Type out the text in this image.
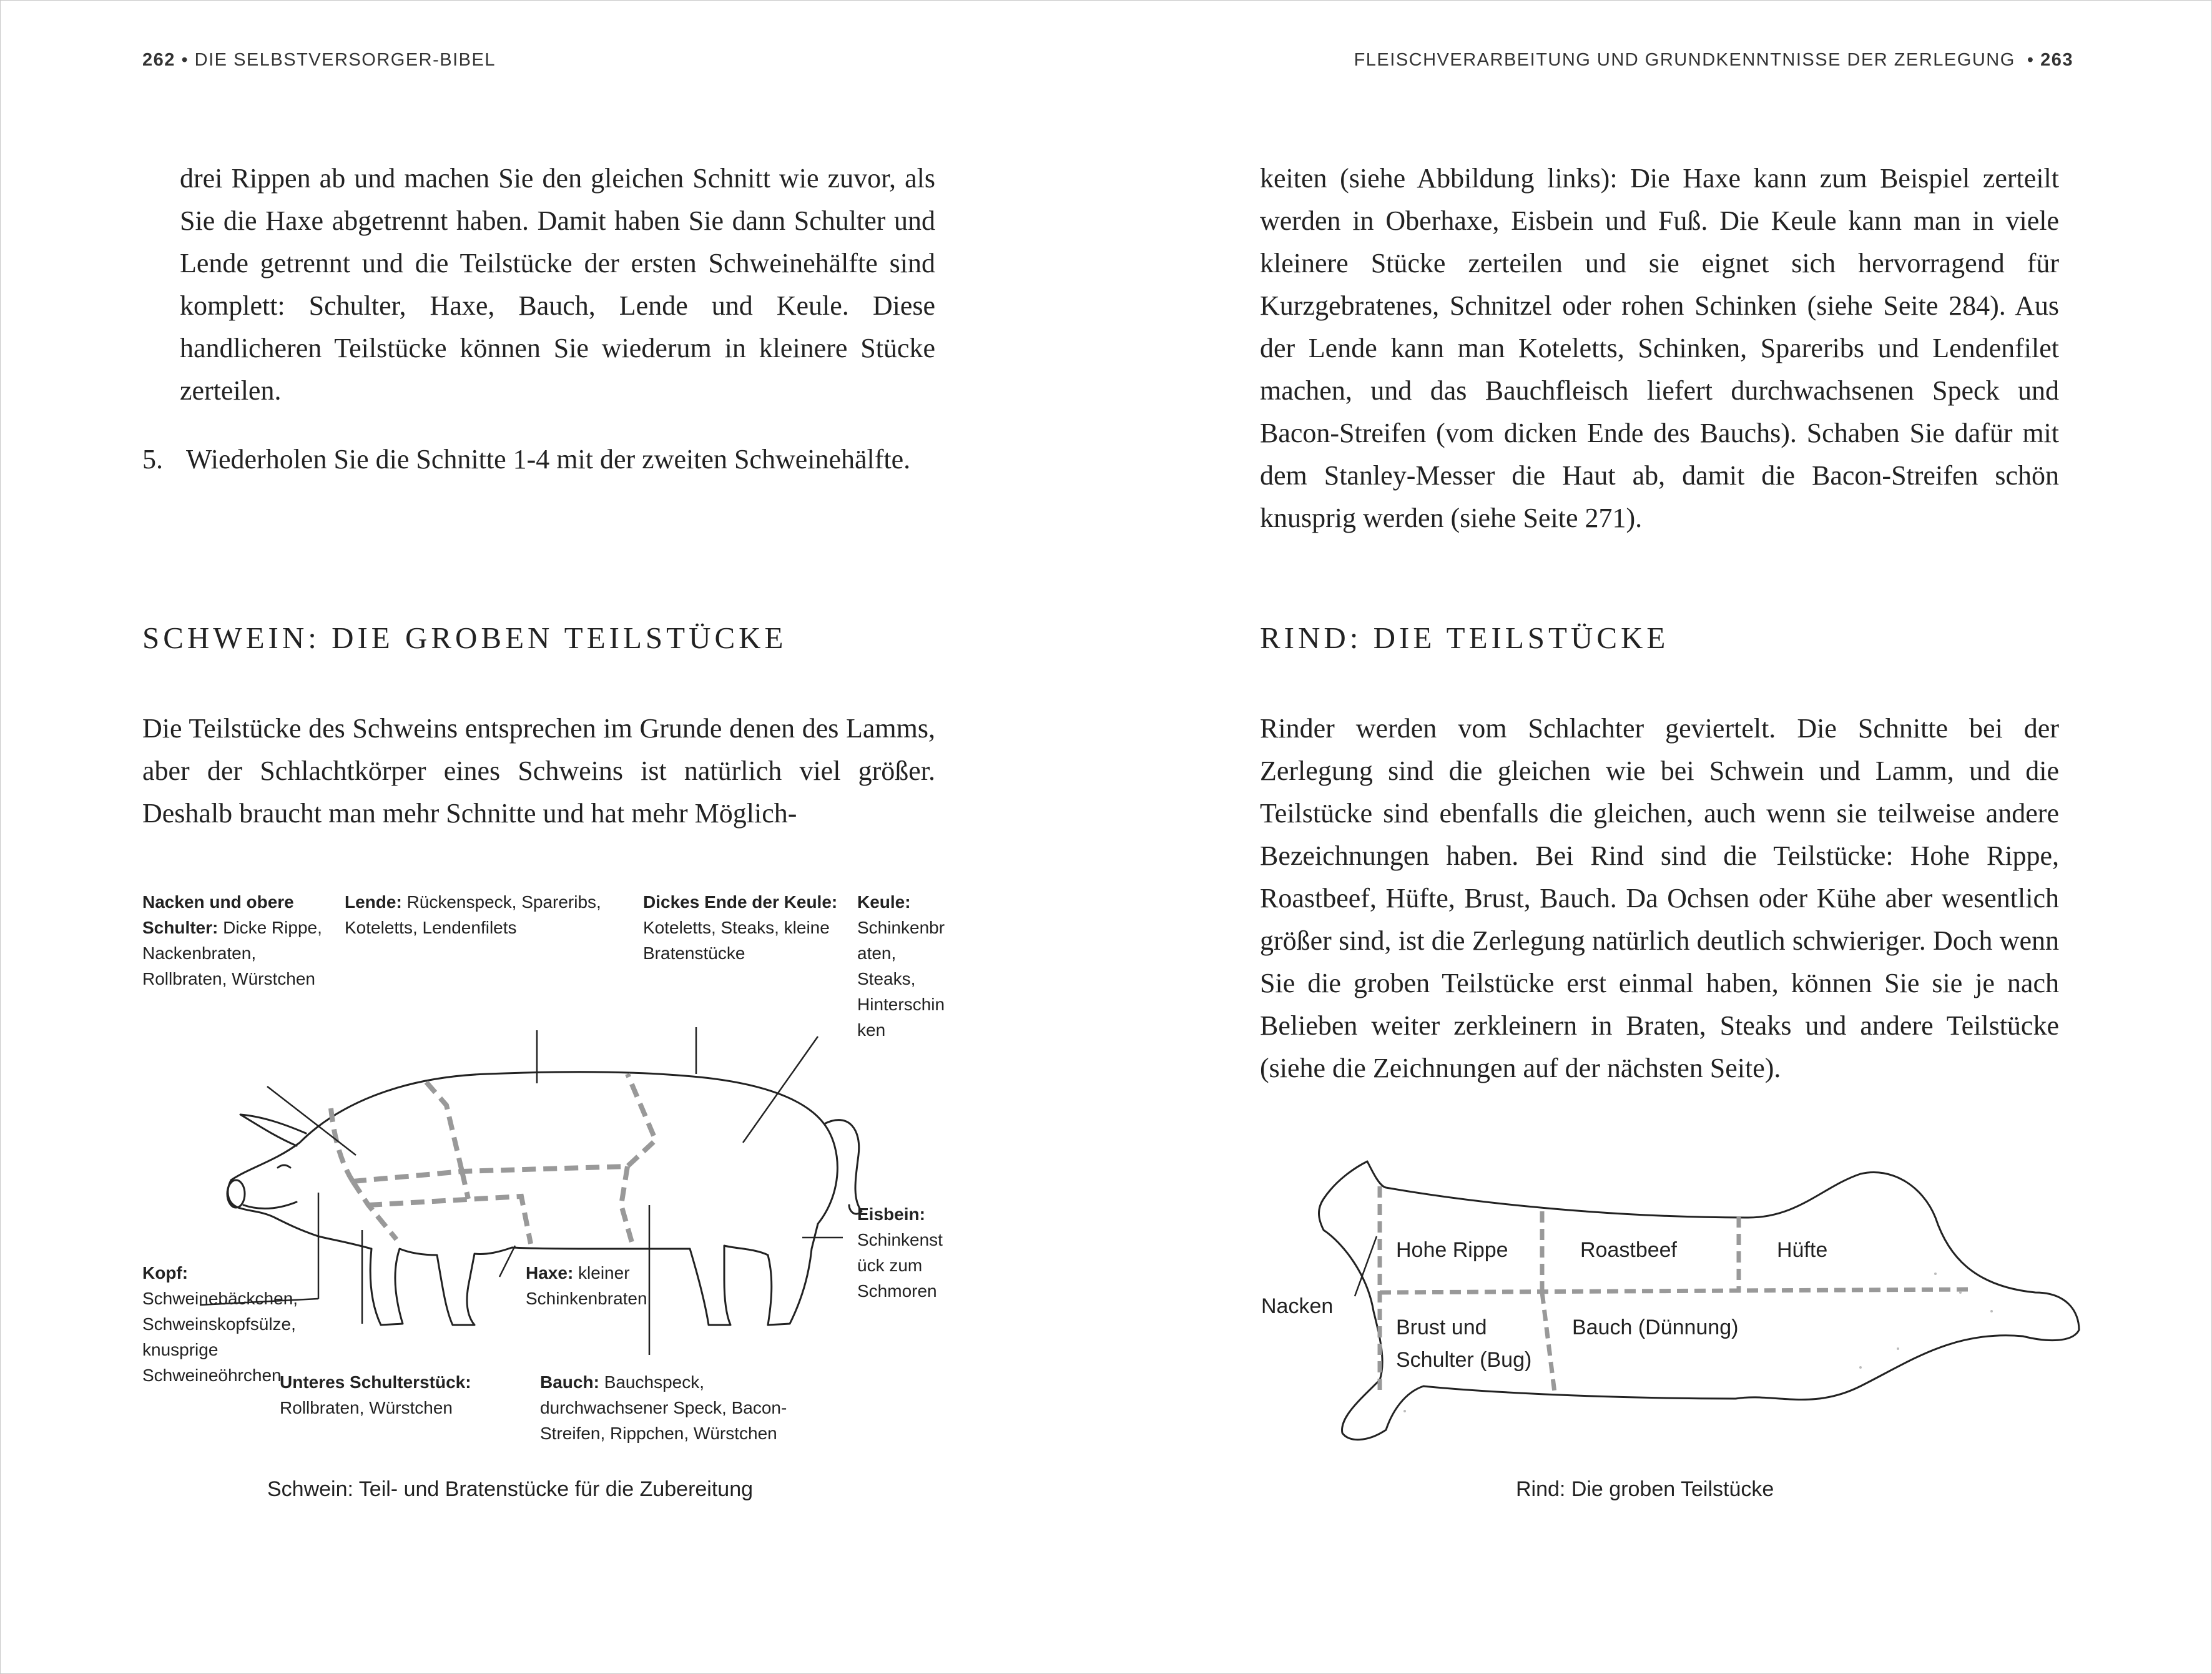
262 • DIE SELBSTVERSORGER-BIBEL	FLEISCHVERARBEITUNG UND GRUNDKENNTNISSE DER ZERLEGUNG • 263

drei Rippen ab und machen Sie den gleichen Schnitt wie zuvor, als Sie die Haxe abgetrennt haben. Damit haben Sie dann Schulter und Lende getrennt und die Teilstücke der ersten Schweinehälfte sind komplett: Schulter, Haxe, Bauch, Lende und Keule. Diese handlicheren Teilstücke können Sie wiederum in kleinere Stücke zerteilen.

5. Wiederholen Sie die Schnitte 1-4 mit der zweiten Schweinehälfte.
SCHWEIN: DIE GROBEN TEILSTÜCKE

Die Teilstücke des Schweins entsprechen im Grunde denen des Lamms, aber der Schlachtkörper eines Schweins ist natürlich viel größer. Deshalb braucht man mehr Schnitte und hat mehr Möglich-

Nacken und obere Schulter: Dicke Rippe, Nackenbraten, Rollbraten, Würstchen
Lende: Rückenspeck, Spareribs, Koteletts, Lendenfilets
Dickes Ende der Keule: Koteletts, Steaks, kleine Bratenstücke
Keule: Schinkenbraten, Steaks, Hinterschinken
Eisbein: Schinkenstück zum Schmoren
Kopf: Schweinebäckchen, Schweinskopfsülze, knusprige Schweineöhrchen
Haxe: kleiner Schinkenbraten
Unteres Schulterstück: Rollbraten, Würstchen
Bauch: Bauchspeck, durchwachsener Speck, Bacon-Streifen, Rippchen, Würstchen
Schwein: Teil- und Bratenstücke für die Zubereitung

keiten (siehe Abbildung links): Die Haxe kann zum Beispiel zerteilt werden in Oberhaxe, Eisbein und Fuß. Die Keule kann man in viele kleinere Stücke zerteilen und sie eignet sich hervorragend für Kurzgebratenes, Schnitzel oder rohen Schinken (siehe Seite 284). Aus der Lende kann man Koteletts, Schinken, Spareribs und Lendenfilet machen, und das Bauchfleisch liefert durchwachsenen Speck und Bacon-Streifen (vom dicken Ende des Bauchs). Schaben Sie dafür mit dem Stanley-Messer die Haut ab, damit die Bacon-Streifen schön knusprig werden (siehe Seite 271).

RIND: DIE TEILSTÜCKE

Rinder werden vom Schlachter geviertelt. Die Schnitte bei der Zerlegung sind die gleichen wie bei Schwein und Lamm, und die Teilstücke sind ebenfalls die gleichen, auch wenn sie teilweise andere Bezeichnungen haben. Bei Rind sind die Teilstücke: Hohe Rippe, Roastbeef, Hüfte, Brust, Bauch. Da Ochsen oder Kühe aber wesentlich größer sind, ist die Zerlegung natürlich deutlich schwieriger. Doch wenn Sie die groben Teilstücke erst einmal haben, können Sie sie je nach Belieben weiter zerkleinern in Braten, Steaks und andere Teilstücke (siehe die Zeichnungen auf der nächsten Seite).

Hohe Rippe	Roastbeef	Hüfte
Nacken
Brust und
Schulter (Bug)
Bauch (Dünnung)
Rind: Die groben Teilstücke
